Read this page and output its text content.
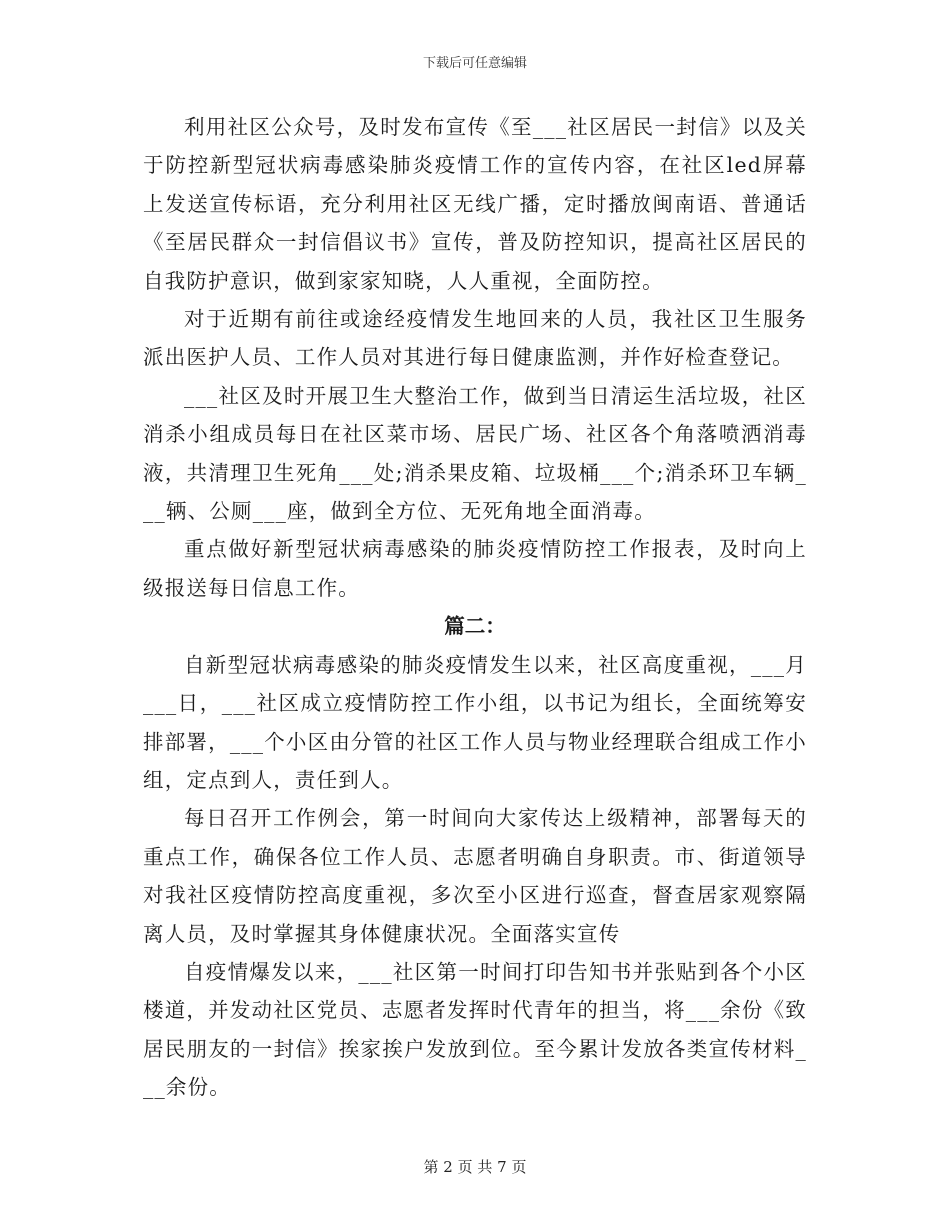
下载后可任意编辑

利用社区公众号，及时发布宣传《至___社区居民一封信》以及关于防控新型冠状病毒感染肺炎疫情工作的宣传内容，在社区led屏幕上发送宣传标语，充分利用社区无线广播，定时播放闽南语、普通话《至居民群众一封信倡议书》宣传，普及防控知识，提高社区居民的自我防护意识，做到家家知晓，人人重视，全面防控。

对于近期有前往或途经疫情发生地回来的人员，我社区卫生服务派出医护人员、工作人员对其进行每日健康监测，并作好检查登记。

___社区及时开展卫生大整治工作，做到当日清运生活垃圾，社区消杀小组成员每日在社区菜市场、居民广场、社区各个角落喷洒消毒液，共清理卫生死角___处;消杀果皮箱、垃圾桶___个;消杀环卫车辆___辆、公厕___座，做到全方位、无死角地全面消毒。

重点做好新型冠状病毒感染的肺炎疫情防控工作报表，及时向上级报送每日信息工作。

篇二：

自新型冠状病毒感染的肺炎疫情发生以来，社区高度重视，___月___日，___社区成立疫情防控工作小组，以书记为组长，全面统筹安排部署，___个小区由分管的社区工作人员与物业经理联合组成工作小组，定点到人，责任到人。

每日召开工作例会，第一时间向大家传达上级精神，部署每天的重点工作，确保各位工作人员、志愿者明确自身职责。市、街道领导对我社区疫情防控高度重视，多次至小区进行巡查，督查居家观察隔离人员，及时掌握其身体健康状况。全面落实宣传

自疫情爆发以来，___社区第一时间打印告知书并张贴到各个小区楼道，并发动社区党员、志愿者发挥时代青年的担当，将___余份《致居民朋友的一封信》挨家挨户发放到位。至今累计发放各类宣传材料___余份。

第 2 页 共 7 页
